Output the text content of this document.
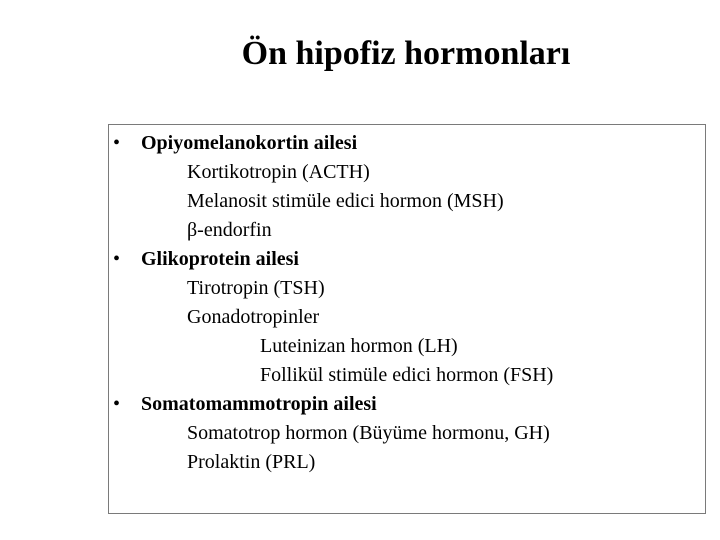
Ön hipofiz hormonları
• Opiyomelanokortin ailesi
Kortikotropin (ACTH)
Melanosit stimüle edici hormon (MSH)
β-endorfin
• Glikoprotein ailesi
Tirotropin (TSH)
Gonadotropinler
Luteinizan hormon (LH)
Follikül stimüle edici hormon (FSH)
• Somatomammotropin ailesi
Somatotrop hormon (Büyüme hormonu, GH)
Prolaktin (PRL)
